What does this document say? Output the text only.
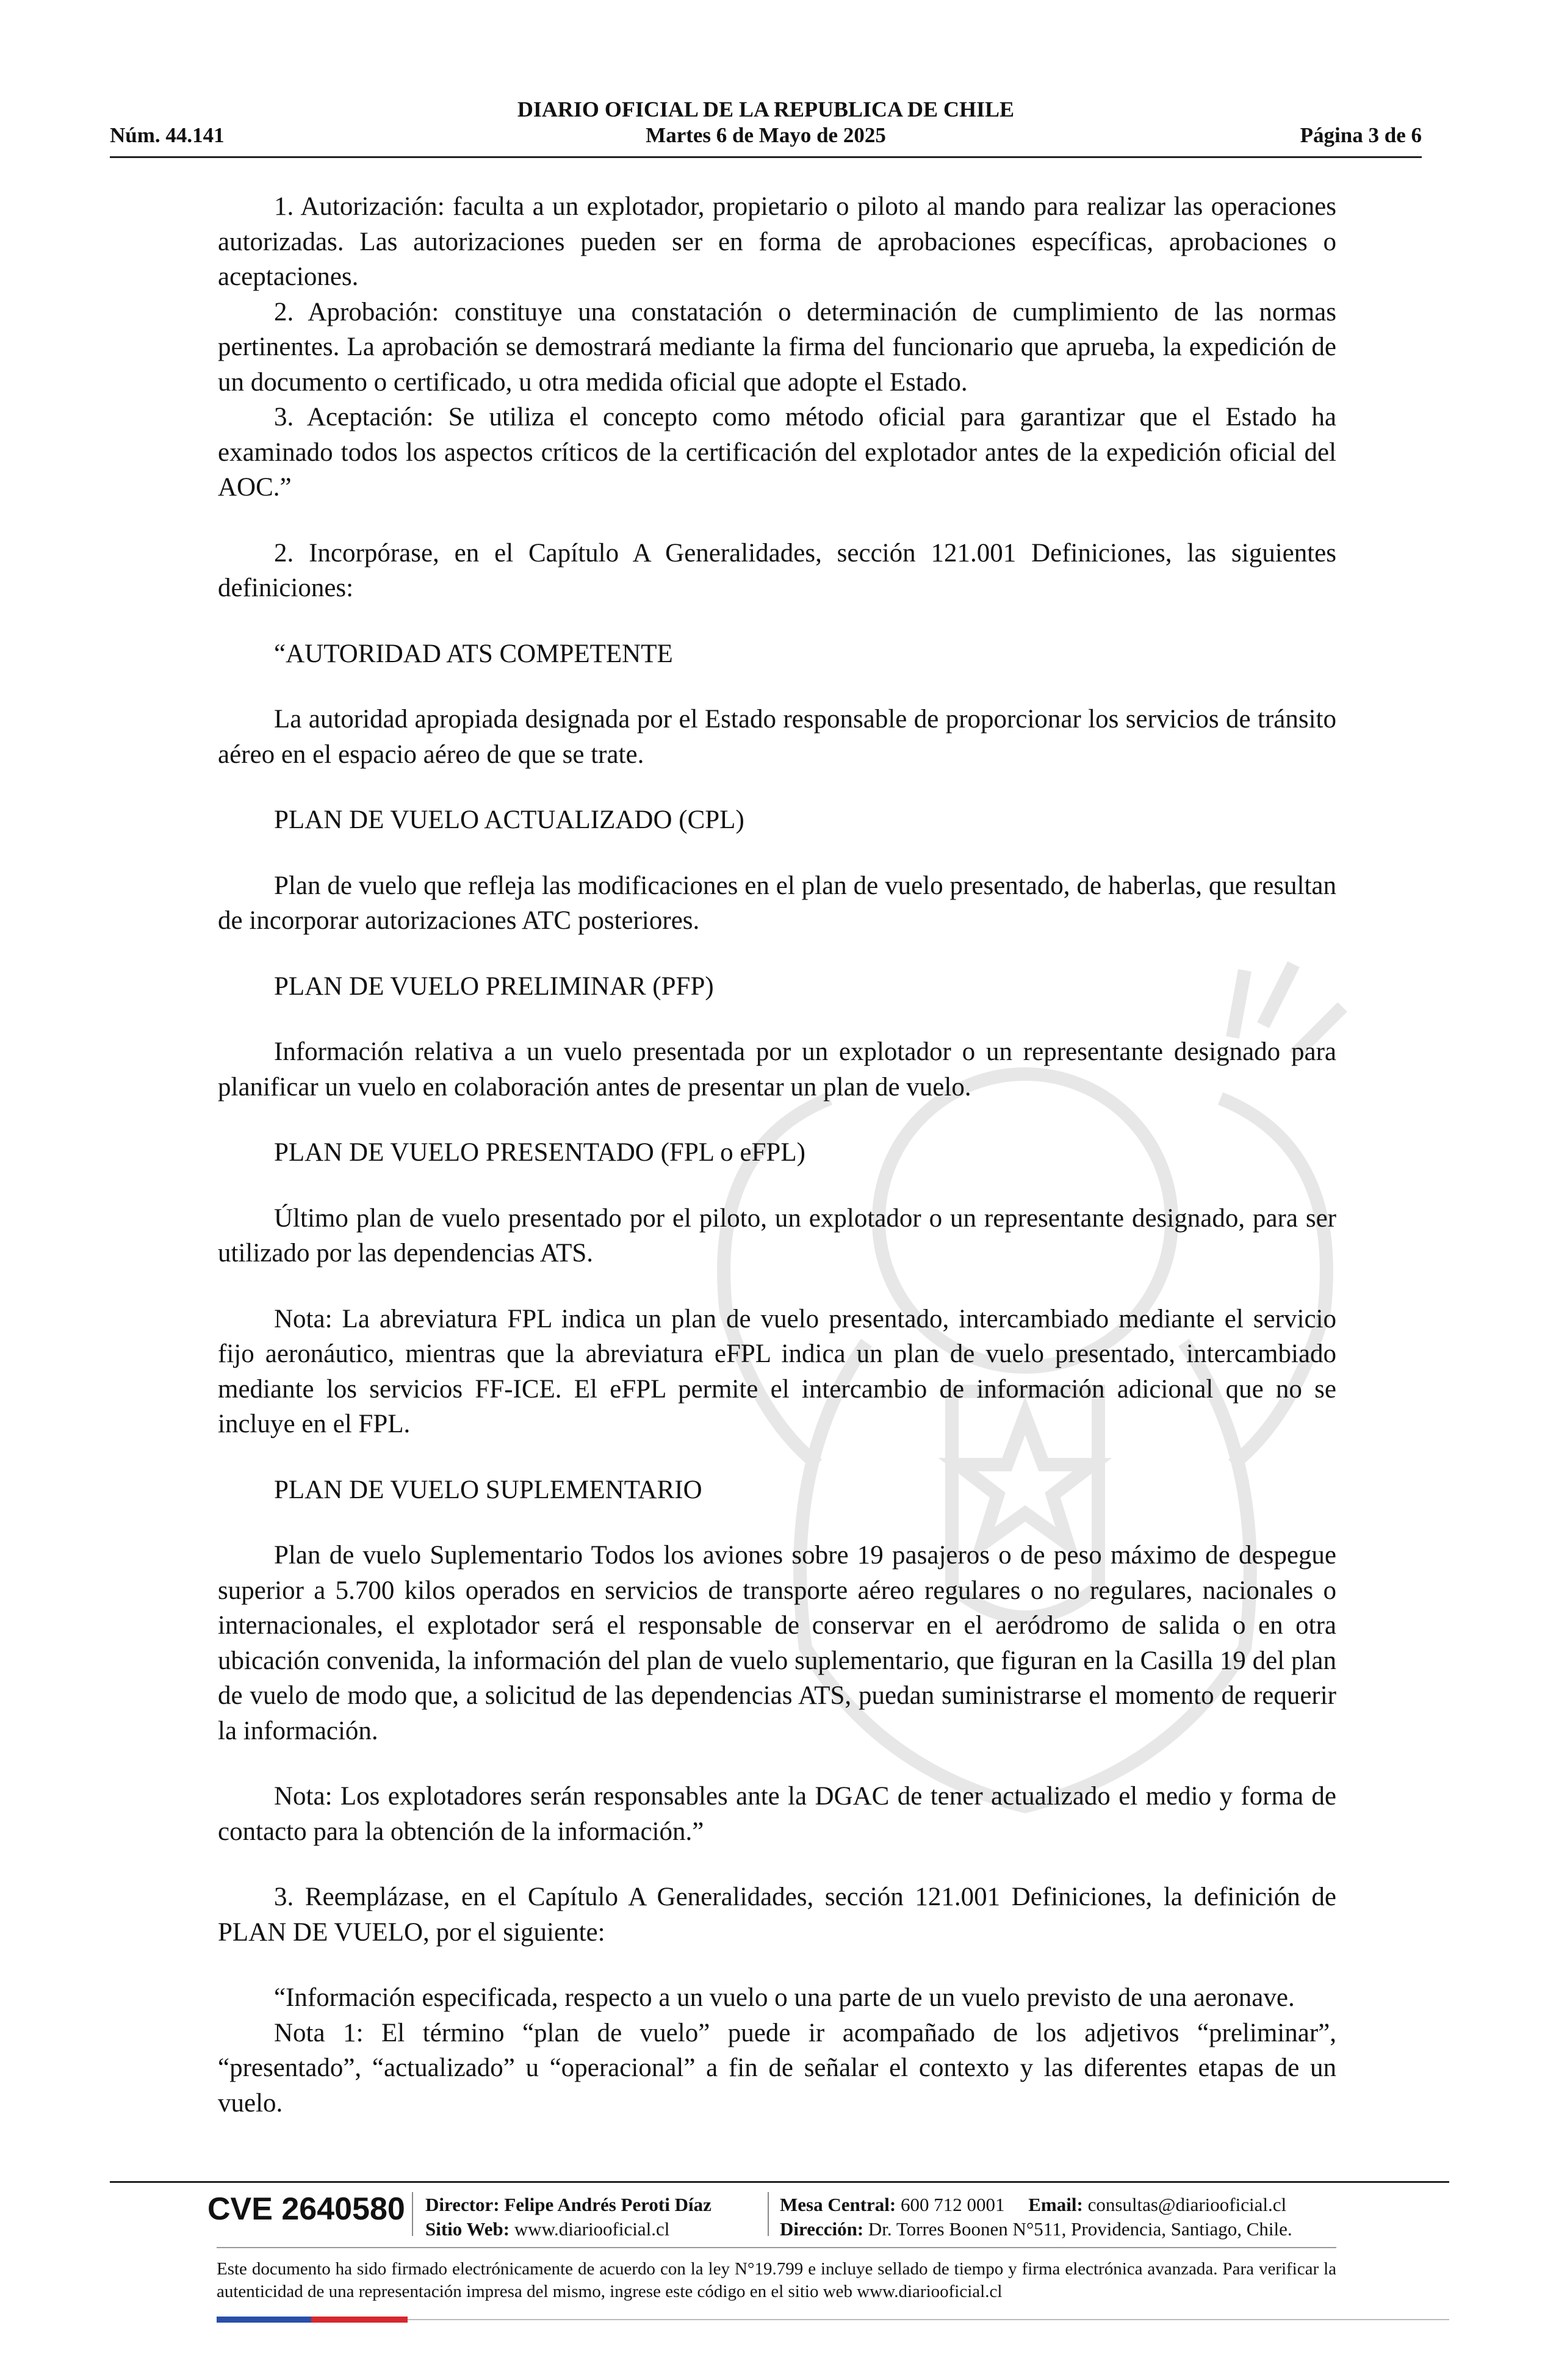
DIARIO OFICIAL DE LA REPUBLICA DE CHILE
Núm. 44.141	Martes 6 de Mayo de 2025	Página 3 de 6

1. Autorización: faculta a un explotador, propietario o piloto al mando para realizar las operaciones autorizadas. Las autorizaciones pueden ser en forma de aprobaciones específicas, aprobaciones o aceptaciones.

2. Aprobación: constituye una constatación o determinación de cumplimiento de las normas pertinentes. La aprobación se demostrará mediante la firma del funcionario que aprueba, la expedición de un documento o certificado, u otra medida oficial que adopte el Estado.

3. Aceptación: Se utiliza el concepto como método oficial para garantizar que el Estado ha examinado todos los aspectos críticos de la certificación del explotador antes de la expedición oficial del AOC.”

2. Incorpórase, en el Capítulo A Generalidades, sección 121.001 Definiciones, las siguientes definiciones:

“AUTORIDAD ATS COMPETENTE

La autoridad apropiada designada por el Estado responsable de proporcionar los servicios de tránsito aéreo en el espacio aéreo de que se trate.

PLAN DE VUELO ACTUALIZADO (CPL)

Plan de vuelo que refleja las modificaciones en el plan de vuelo presentado, de haberlas, que resultan de incorporar autorizaciones ATC posteriores.

PLAN DE VUELO PRELIMINAR (PFP)

Información relativa a un vuelo presentada por un explotador o un representante designado para planificar un vuelo en colaboración antes de presentar un plan de vuelo.

PLAN DE VUELO PRESENTADO (FPL o eFPL)

Último plan de vuelo presentado por el piloto, un explotador o un representante designado, para ser utilizado por las dependencias ATS.

Nota: La abreviatura FPL indica un plan de vuelo presentado, intercambiado mediante el servicio fijo aeronáutico, mientras que la abreviatura eFPL indica un plan de vuelo presentado, intercambiado mediante los servicios FF-ICE. El eFPL permite el intercambio de información adicional que no se incluye en el FPL.

PLAN DE VUELO SUPLEMENTARIO

Plan de vuelo Suplementario Todos los aviones sobre 19 pasajeros o de peso máximo de despegue superior a 5.700 kilos operados en servicios de transporte aéreo regulares o no regulares, nacionales o internacionales, el explotador será el responsable de conservar en el aeródromo de salida o en otra ubicación convenida, la información del plan de vuelo suplementario, que figuran en la Casilla 19 del plan de vuelo de modo que, a solicitud de las dependencias ATS, puedan suministrarse el momento de requerir la información.

Nota: Los explotadores serán responsables ante la DGAC de tener actualizado el medio y forma de contacto para la obtención de la información.”

3. Reemplázase, en el Capítulo A Generalidades, sección 121.001 Definiciones, la definición de PLAN DE VUELO, por el siguiente:

“Información especificada, respecto a un vuelo o una parte de un vuelo previsto de una aeronave.

Nota 1: El término “plan de vuelo” puede ir acompañado de los adjetivos “preliminar”, “presentado”, “actualizado” u “operacional” a fin de señalar el contexto y las diferentes etapas de un vuelo.

CVE 2640580 Director: Felipe Andrés Peroti Díaz
Sitio Web: www.diariooficial.cl
Mesa Central: 600 712 0001 Email: consultas@diariooficial.cl
Dirección: Dr. Torres Boonen N°511, Providencia, Santiago, Chile.
Este documento ha sido firmado electrónicamente de acuerdo con la ley N°19.799 e incluye sellado de tiempo y firma electrónica avanzada. Para verificar la autenticidad de una representación impresa del mismo, ingrese este código en el sitio web www.diariooficial.cl
